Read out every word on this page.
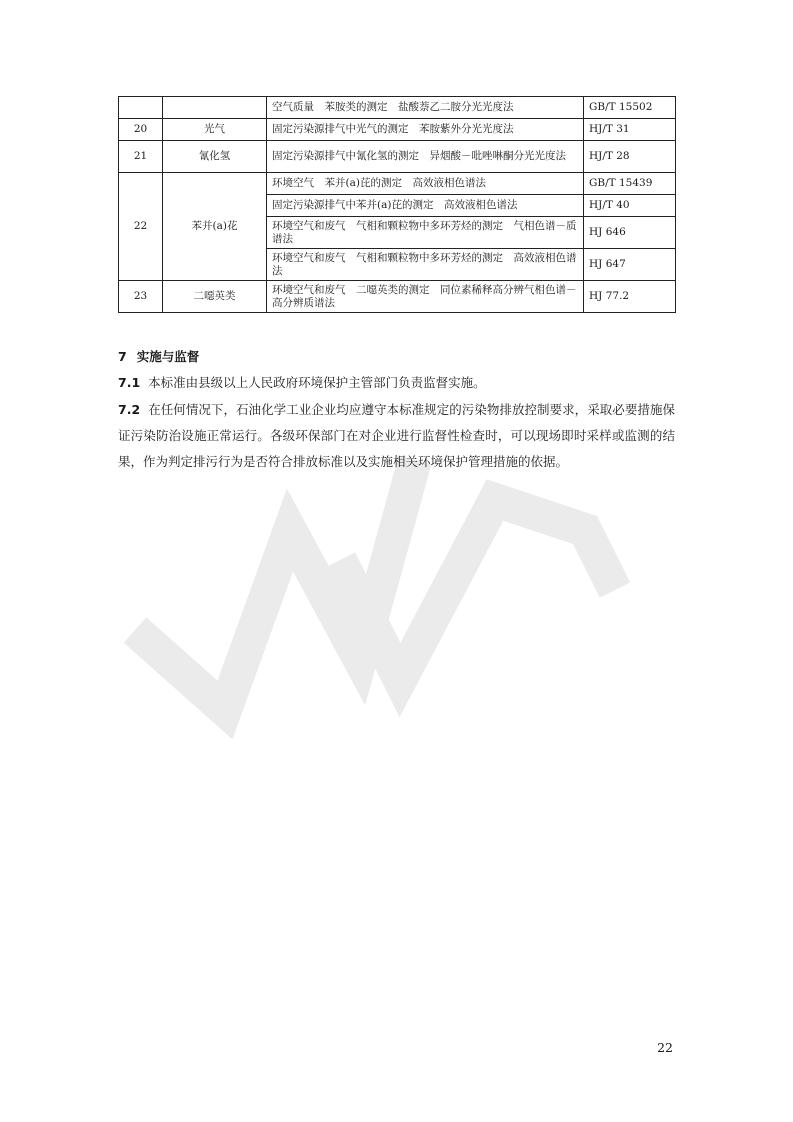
		空气质量　苯胺类的测定　盐酸萘乙二胺分光光度法	GB/T 15502
20	光气	固定污染源排气中光气的测定　苯胺紫外分光光度法	HJ/T 31
21	氰化氢	固定污染源排气中氰化氢的测定　异烟酸－吡唑啉酮分光光度法	HJ/T 28
22	苯并(a)花	环境空气　苯并(a)芘的测定　高效液相色谱法	GB/T 15439
		固定污染源排气中苯并(a)芘的测定　高效液相色谱法	HJ/T 40
		环境空气和废气　气相和颗粒物中多环芳烃的测定　气相色谱－质谱法	HJ 646
		环境空气和废气　气相和颗粒物中多环芳烃的测定　高效液相色谱法	HJ 647
23	二噁英类	环境空气和废气　二噁英类的测定　同位素稀释高分辨气相色谱－高分辨质谱法	HJ 77.2
7 实施与监督
7.1 本标准由县级以上人民政府环境保护主管部门负责监督实施。
7.2 在任何情况下，石油化学工业企业均应遵守本标准规定的污染物排放控制要求，采取必要措施保证污染防治设施正常运行。各级环保部门在对企业进行监督性检查时，可以现场即时采样或监测的结果，作为判定排污行为是否符合排放标准以及实施相关环境保护管理措施的依据。
22
